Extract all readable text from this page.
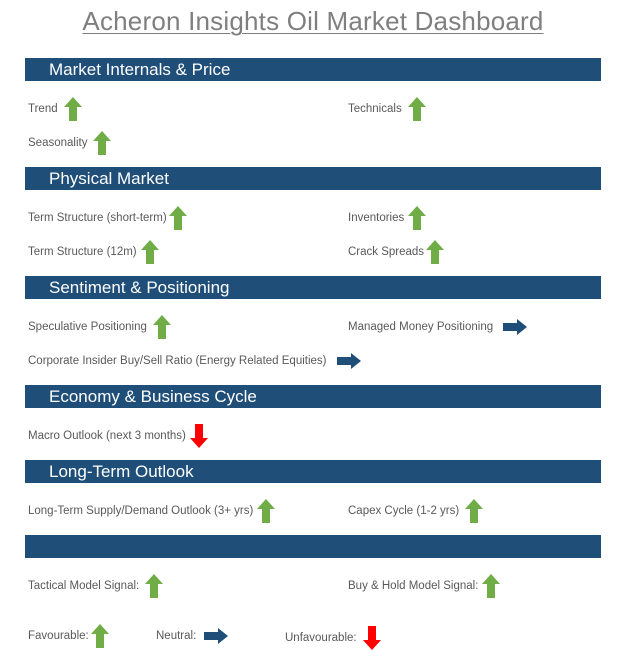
Acheron Insights Oil Market Dashboard
Market Internals & Price
Trend	Technicals
Seasonality
Physical Market
Term Structure (short-term)	Inventories
Term Structure (12m)	Crack Spreads
Sentiment & Positioning
Speculative Positioning	Managed Money Positioning
Corporate Insider Buy/Sell Ratio (Energy Related Equities)
Economy & Business Cycle
Macro Outlook (next 3 months)
Long-Term Outlook
Long-Term Supply/Demand Outlook (3+ yrs)	Capex Cycle (1-2 yrs)
Tactical Model Signal:	Buy & Hold Model Signal:
Favourable:	Neutral:	Unfavourable:
